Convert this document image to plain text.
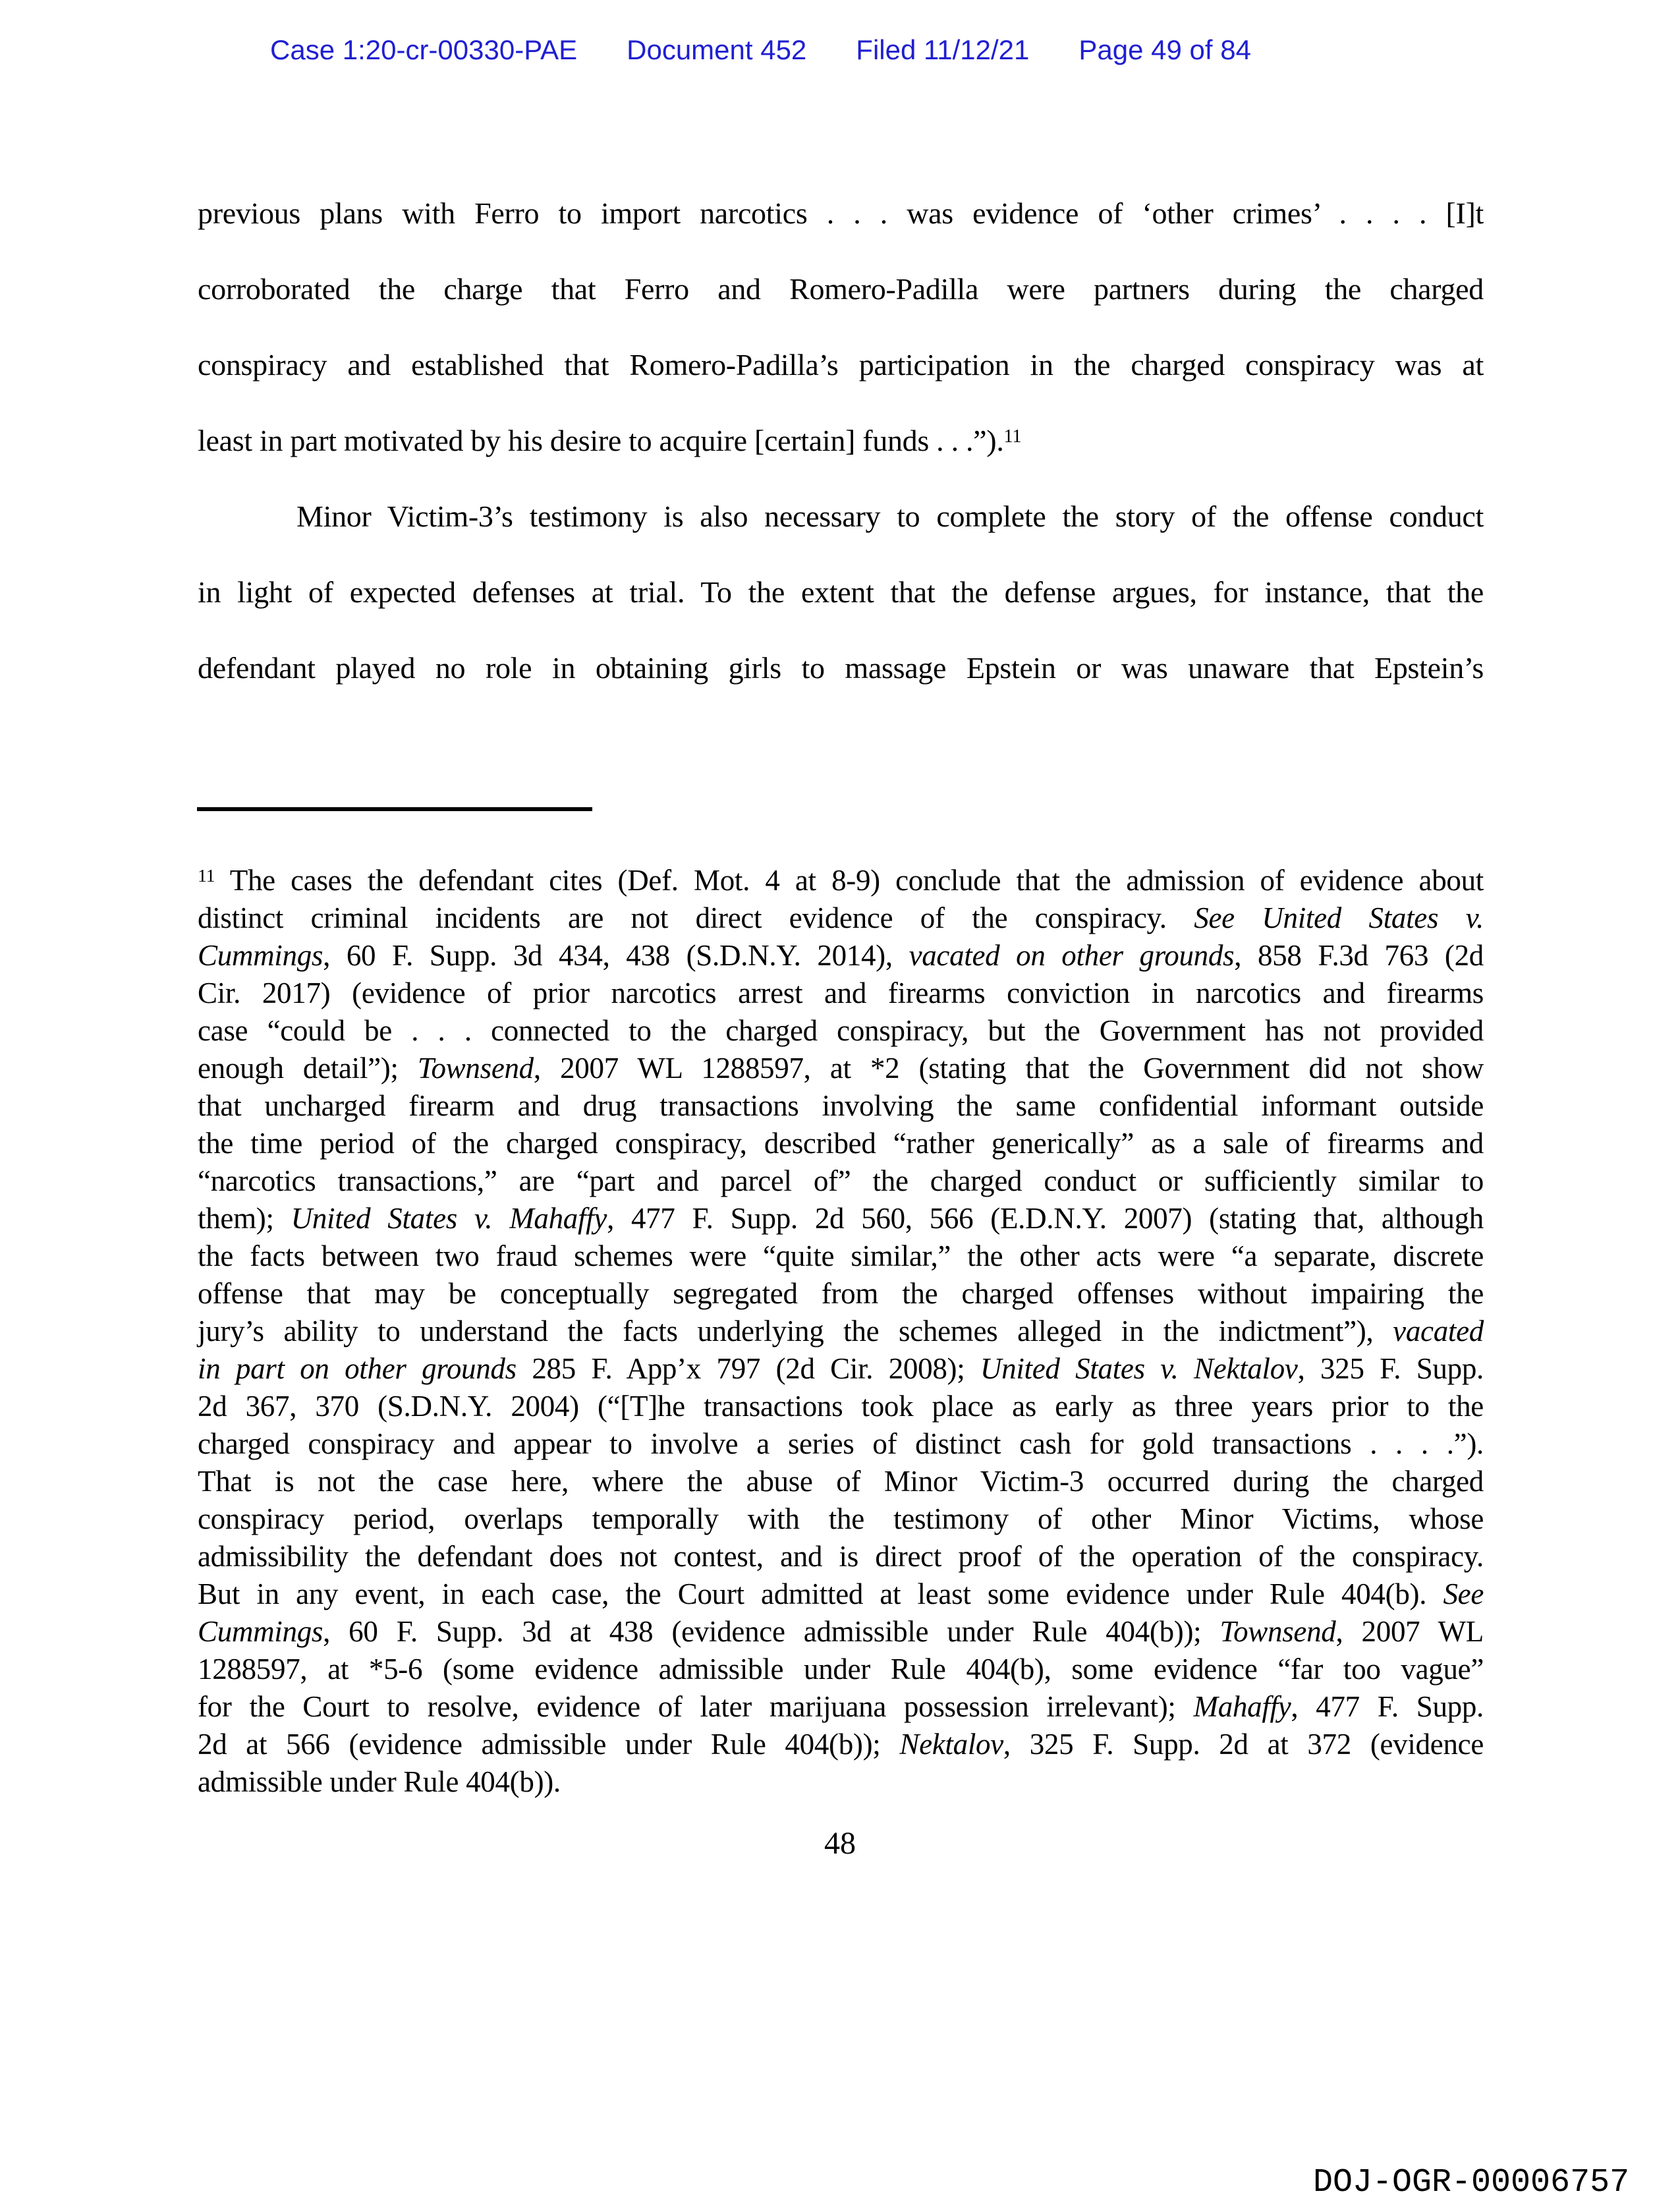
Case 1:20-cr-00330-PAE Document 452 Filed 11/12/21 Page 49 of 84
previous plans with Ferro to import narcotics . . . was evidence of ‘other crimes’ . . . . [I]t
corroborated the charge that Ferro and Romero-Padilla were partners during the charged
conspiracy and established that Romero-Padilla’s participation in the charged conspiracy was at
least in part motivated by his desire to acquire [certain] funds . . .”).$^{11}$
Minor Victim-3’s testimony is also necessary to complete the story of the offense conduct
in light of expected defenses at trial. To the extent that the defense argues, for instance, that the
defendant played no role in obtaining girls to massage Epstein or was unaware that Epstein’s
$^{11}$ The cases the defendant cites (Def. Mot. 4 at 8-9) conclude that the admission of evidence about
distinct criminal incidents are not direct evidence of the conspiracy. See United States v.
Cummings, 60 F. Supp. 3d 434, 438 (S.D.N.Y. 2014), vacated on other grounds, 858 F.3d 763 (2d
Cir. 2017) (evidence of prior narcotics arrest and firearms conviction in narcotics and firearms
case “could be . . . connected to the charged conspiracy, but the Government has not provided
enough detail”); Townsend, 2007 WL 1288597, at *2 (stating that the Government did not show
that uncharged firearm and drug transactions involving the same confidential informant outside
the time period of the charged conspiracy, described “rather generically” as a sale of firearms and
“narcotics transactions,” are “part and parcel of” the charged conduct or sufficiently similar to
them); United States v. Mahaffy, 477 F. Supp. 2d 560, 566 (E.D.N.Y. 2007) (stating that, although
the facts between two fraud schemes were “quite similar,” the other acts were “a separate, discrete
offense that may be conceptually segregated from the charged offenses without impairing the
jury’s ability to understand the facts underlying the schemes alleged in the indictment”), vacated
in part on other grounds 285 F. App’x 797 (2d Cir. 2008); United States v. Nektalov, 325 F. Supp.
2d 367, 370 (S.D.N.Y. 2004) (“[T]he transactions took place as early as three years prior to the
charged conspiracy and appear to involve a series of distinct cash for gold transactions . . . .”).
That is not the case here, where the abuse of Minor Victim-3 occurred during the charged
conspiracy period, overlaps temporally with the testimony of other Minor Victims, whose
admissibility the defendant does not contest, and is direct proof of the operation of the conspiracy.
But in any event, in each case, the Court admitted at least some evidence under Rule 404(b). See
Cummings, 60 F. Supp. 3d at 438 (evidence admissible under Rule 404(b)); Townsend, 2007 WL
1288597, at *5-6 (some evidence admissible under Rule 404(b), some evidence “far too vague”
for the Court to resolve, evidence of later marijuana possession irrelevant); Mahaffy, 477 F. Supp.
2d at 566 (evidence admissible under Rule 404(b)); Nektalov, 325 F. Supp. 2d at 372 (evidence
admissible under Rule 404(b)).
48
DOJ-OGR-00006757
